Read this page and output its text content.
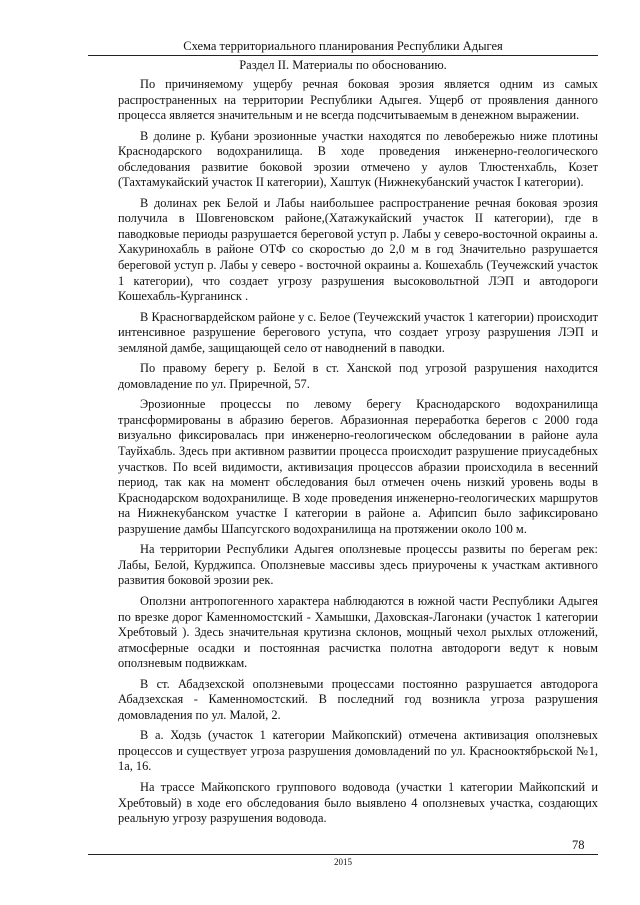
Схема территориального планирования Республики Адыгея
Раздел II. Материалы по обоснованию.

По причиняемому ущербу речная боковая эрозия является одним из самых распространенных на территории Республики Адыгея. Ущерб от проявления данного процесса является значительным и не всегда подсчитываемым в денежном выражении.

В долине р. Кубани эрозионные участки находятся по левобережью ниже плотины Краснодарского водохранилища. В ходе проведения инженерно-геологического обследования развитие боковой эрозии отмечено у аулов Тлюстенхабль, Козет (Тахтамукайский участок II категории), Хаштук (Нижнекубанский участок I категории).

В долинах рек Белой и Лабы наибольшее распространение речная боковая эрозия получила в Шовгеновском районе,(Хатажукайский участок II категории), где в паводковые периоды разрушается береговой уступ р. Лабы у северо-восточной окраины а. Хакуринохабль в районе ОТФ со скоростью до 2,0 м в год Значительно разрушается береговой уступ р. Лабы у северо - восточной окраины а. Кошехабль (Теучежский участок 1 категории), что создает угрозу разрушения высоковольтной ЛЭП и автодороги Кошехабль-Курганинск .

В Красногвардейском районе у с. Белое (Теучежский участок 1 категории) происходит интенсивное разрушение берегового уступа, что создает угрозу разрушения ЛЭП и земляной дамбе, защищающей село от наводнений в паводки.

По правому берегу р. Белой в ст. Ханской под угрозой разрушения находится домовладение по ул. Приречной, 57.

Эрозионные процессы по левому берегу Краснодарского водохранилища трансформированы в абразию берегов. Абразионная переработка берегов с 2000 года визуально фиксировалась при инженерно-геологическом обследовании в районе аула Тауйхабль. Здесь при активном развитии процесса происходит разрушение приусадебных участков. По всей видимости, активизация процессов абразии происходила в весенний период, так как на момент обследования был отмечен очень низкий уровень воды в Краснодарском водохранилище. В ходе проведения инженерно-геологических маршрутов на Нижнекубанском участке I категории в районе а. Афипсип было зафиксировано разрушение дамбы Шапсугского водохранилища на протяжении около 100 м.

На территории Республики Адыгея оползневые процессы развиты по берегам рек: Лабы, Белой, Курджипса. Оползневые массивы здесь приурочены к участкам активного развития боковой эрозии рек.

Оползни антропогенного характера наблюдаются в южной части Республики Адыгея по врезке дорог Каменномостский - Хамышки, Даховская-Лагонаки (участок 1 категории Хребтовый ). Здесь значительная крутизна склонов, мощный чехол рыхлых отложений, атмосферные осадки и постоянная расчистка полотна автодороги ведут к новым оползневым подвижкам.

В ст. Абадзехской оползневыми процессами постоянно разрушается автодорога Абадзехская - Каменномостский. В последний год возникла угроза разрушения домовладения по ул. Малой, 2.

В а. Ходзь (участок 1 категории Майкопский) отмечена активизация оползневых процессов и существует угроза разрушения домовладений по ул. Краснооктябрьской №1, 1а, 16.

На трассе Майкопского группового водовода (участки 1 категории Майкопский и Хребтовый) в ходе его обследования было выявлено 4 оползневых участка, создающих реальную угрозу разрушения водовода.

78
2015
